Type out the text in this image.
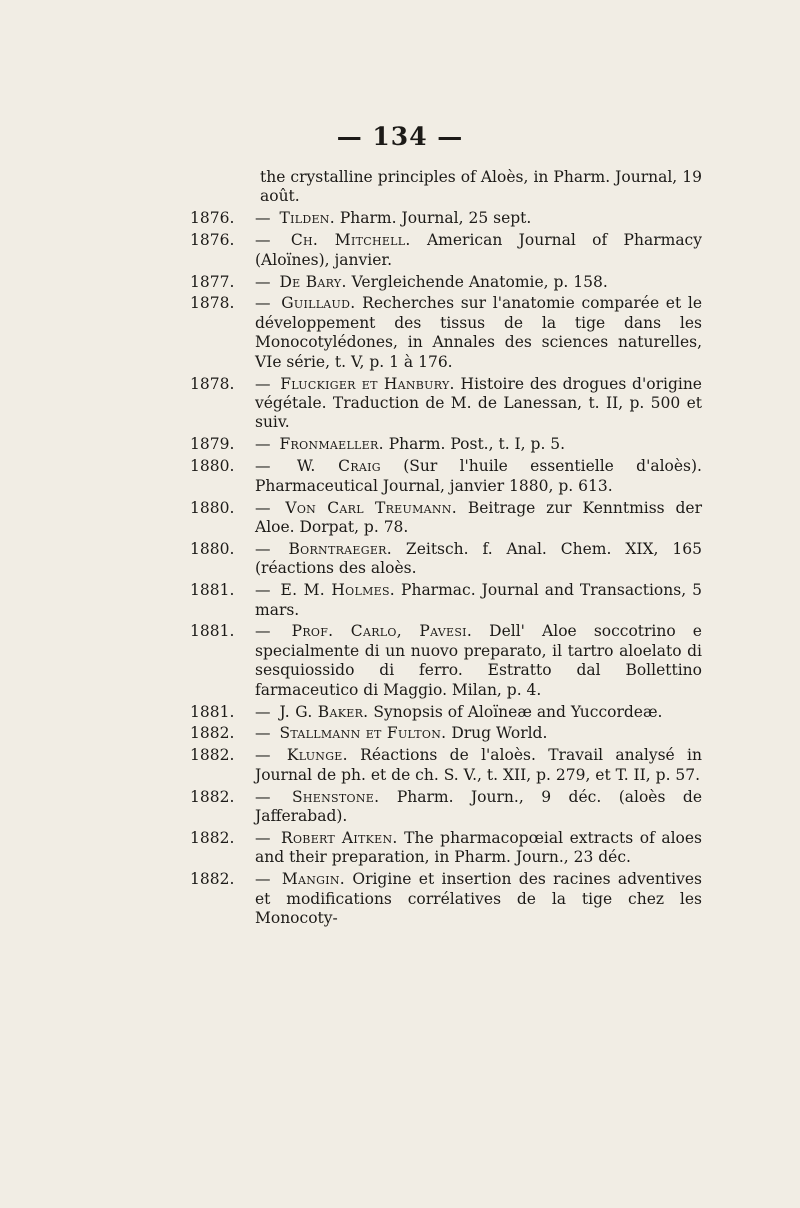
— 134 —
the crystalline principles of Aloès, in Pharm. Journal, 19 août.
1876. — Tilden. Pharm. Journal, 25 sept.
1876. — Ch. Mitchell. American Journal of Pharmacy (Aloïnes), janvier.
1877. — De Bary. Vergleichende Anatomie, p. 158.
1878. — Guillaud. Recherches sur l'anatomie comparée et le développement des tissus de la tige dans les Monocotylédones, in Annales des sciences naturelles, VIe série, t. V, p. 1 à 176.
1878. — Fluckiger et Hanbury. Histoire des drogues d'origine végétale. Traduction de M. de Lanessan, t. II, p. 500 et suiv.
1879. — Fronmaeller. Pharm. Post., t. I, p. 5.
1880. — W. Craig (Sur l'huile essentielle d'aloès). Pharmaceutical Journal, janvier 1880, p. 613.
1880. — Von Carl Treumann. Beitrage zur Kenntmiss der Aloe. Dorpat, p. 78.
1880. — Borntraeger. Zeitsch. f. Anal. Chem. XIX, 165 (réactions des aloès.
1881. — E. M. Holmes. Pharmac. Journal and Transactions, 5 mars.
1881. — Prof. Carlo, Pavesi. Dell' Aloe soccotrino e specialmente di un nuovo preparato, il tartro aloelato di sesquiossido di ferro. Estratto dal Bollettino farmaceutico di Maggio. Milan, p. 4.
1881. — J. G. Baker. Synopsis of Aloïneæ and Yuccordeæ.
1882. — Stallmann et Fulton. Drug World.
1882. — Klunge. Réactions de l'aloès. Travail analysé in Journal de ph. et de ch. S. V., t. XII, p. 279, et T. II, p. 57.
1882. — Shenstone. Pharm. Journ., 9 déc. (aloès de Jafferabad).
1882. — Robert Aitken. The pharmacopœial extracts of aloes and their preparation, in Pharm. Journ., 23 déc.
1882. — Mangin. Origine et insertion des racines adventives et modifications corrélatives de la tige chez les Monocoty-
